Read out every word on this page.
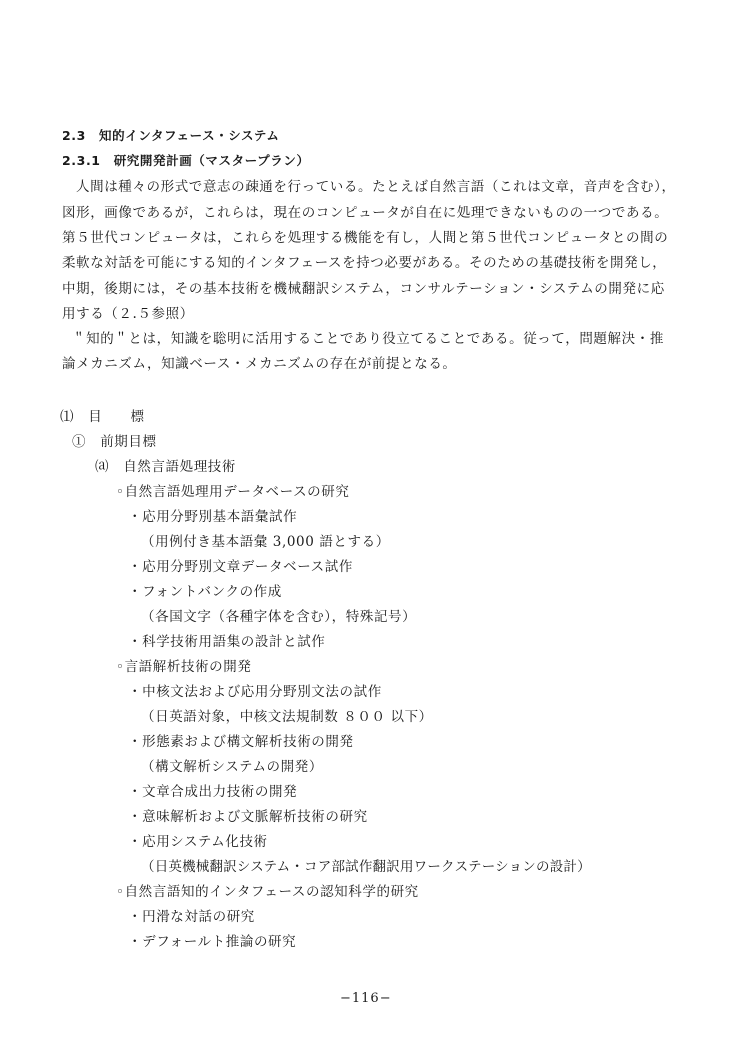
2.3　知的インタフェース・システム
2.3.1　研究開発計画（マスタープラン）
人間は種々の形式で意志の疎通を行っている。たとえば自然言語（これは文章，音声を含む），
図形，画像であるが，これらは，現在のコンピュータが自在に処理できないものの一つである。
第５世代コンピュータは，これらを処理する機能を有し，人間と第５世代コンピュータとの間の
柔軟な対話を可能にする知的インタフェースを持つ必要がある。そのための基礎技術を開発し，
中期，後期には，その基本技術を機械翻訳システム，コンサルテーション・システムの開発に応
用する（２.５参照）
＂知的＂とは，知識を聡明に活用することであり役立てることである。従って，問題解決・推
論メカニズム，知識ベース・メカニズムの存在が前提となる。
⑴　目　　標
①　前期目標
⒜　自然言語処理技術
◦自然言語処理用データベースの研究
・応用分野別基本語彙試作
（用例付き基本語彙 3,000 語とする）
・応用分野別文章データベース試作
・フォントバンクの作成
（各国文字（各種字体を含む），特殊記号）
・科学技術用語集の設計と試作
◦言語解析技術の開発
・中核文法および応用分野別文法の試作
（日英語対象，中核文法規制数 ８００ 以下）
・形態素および構文解析技術の開発
（構文解析システムの開発）
・文章合成出力技術の開発
・意味解析および文脈解析技術の研究
・応用システム化技術
（日英機械翻訳システム・コア部試作翻訳用ワークステーションの設計）
◦自然言語知的インタフェースの認知科学的研究
・円滑な対話の研究
・デフォールト推論の研究
−116−
